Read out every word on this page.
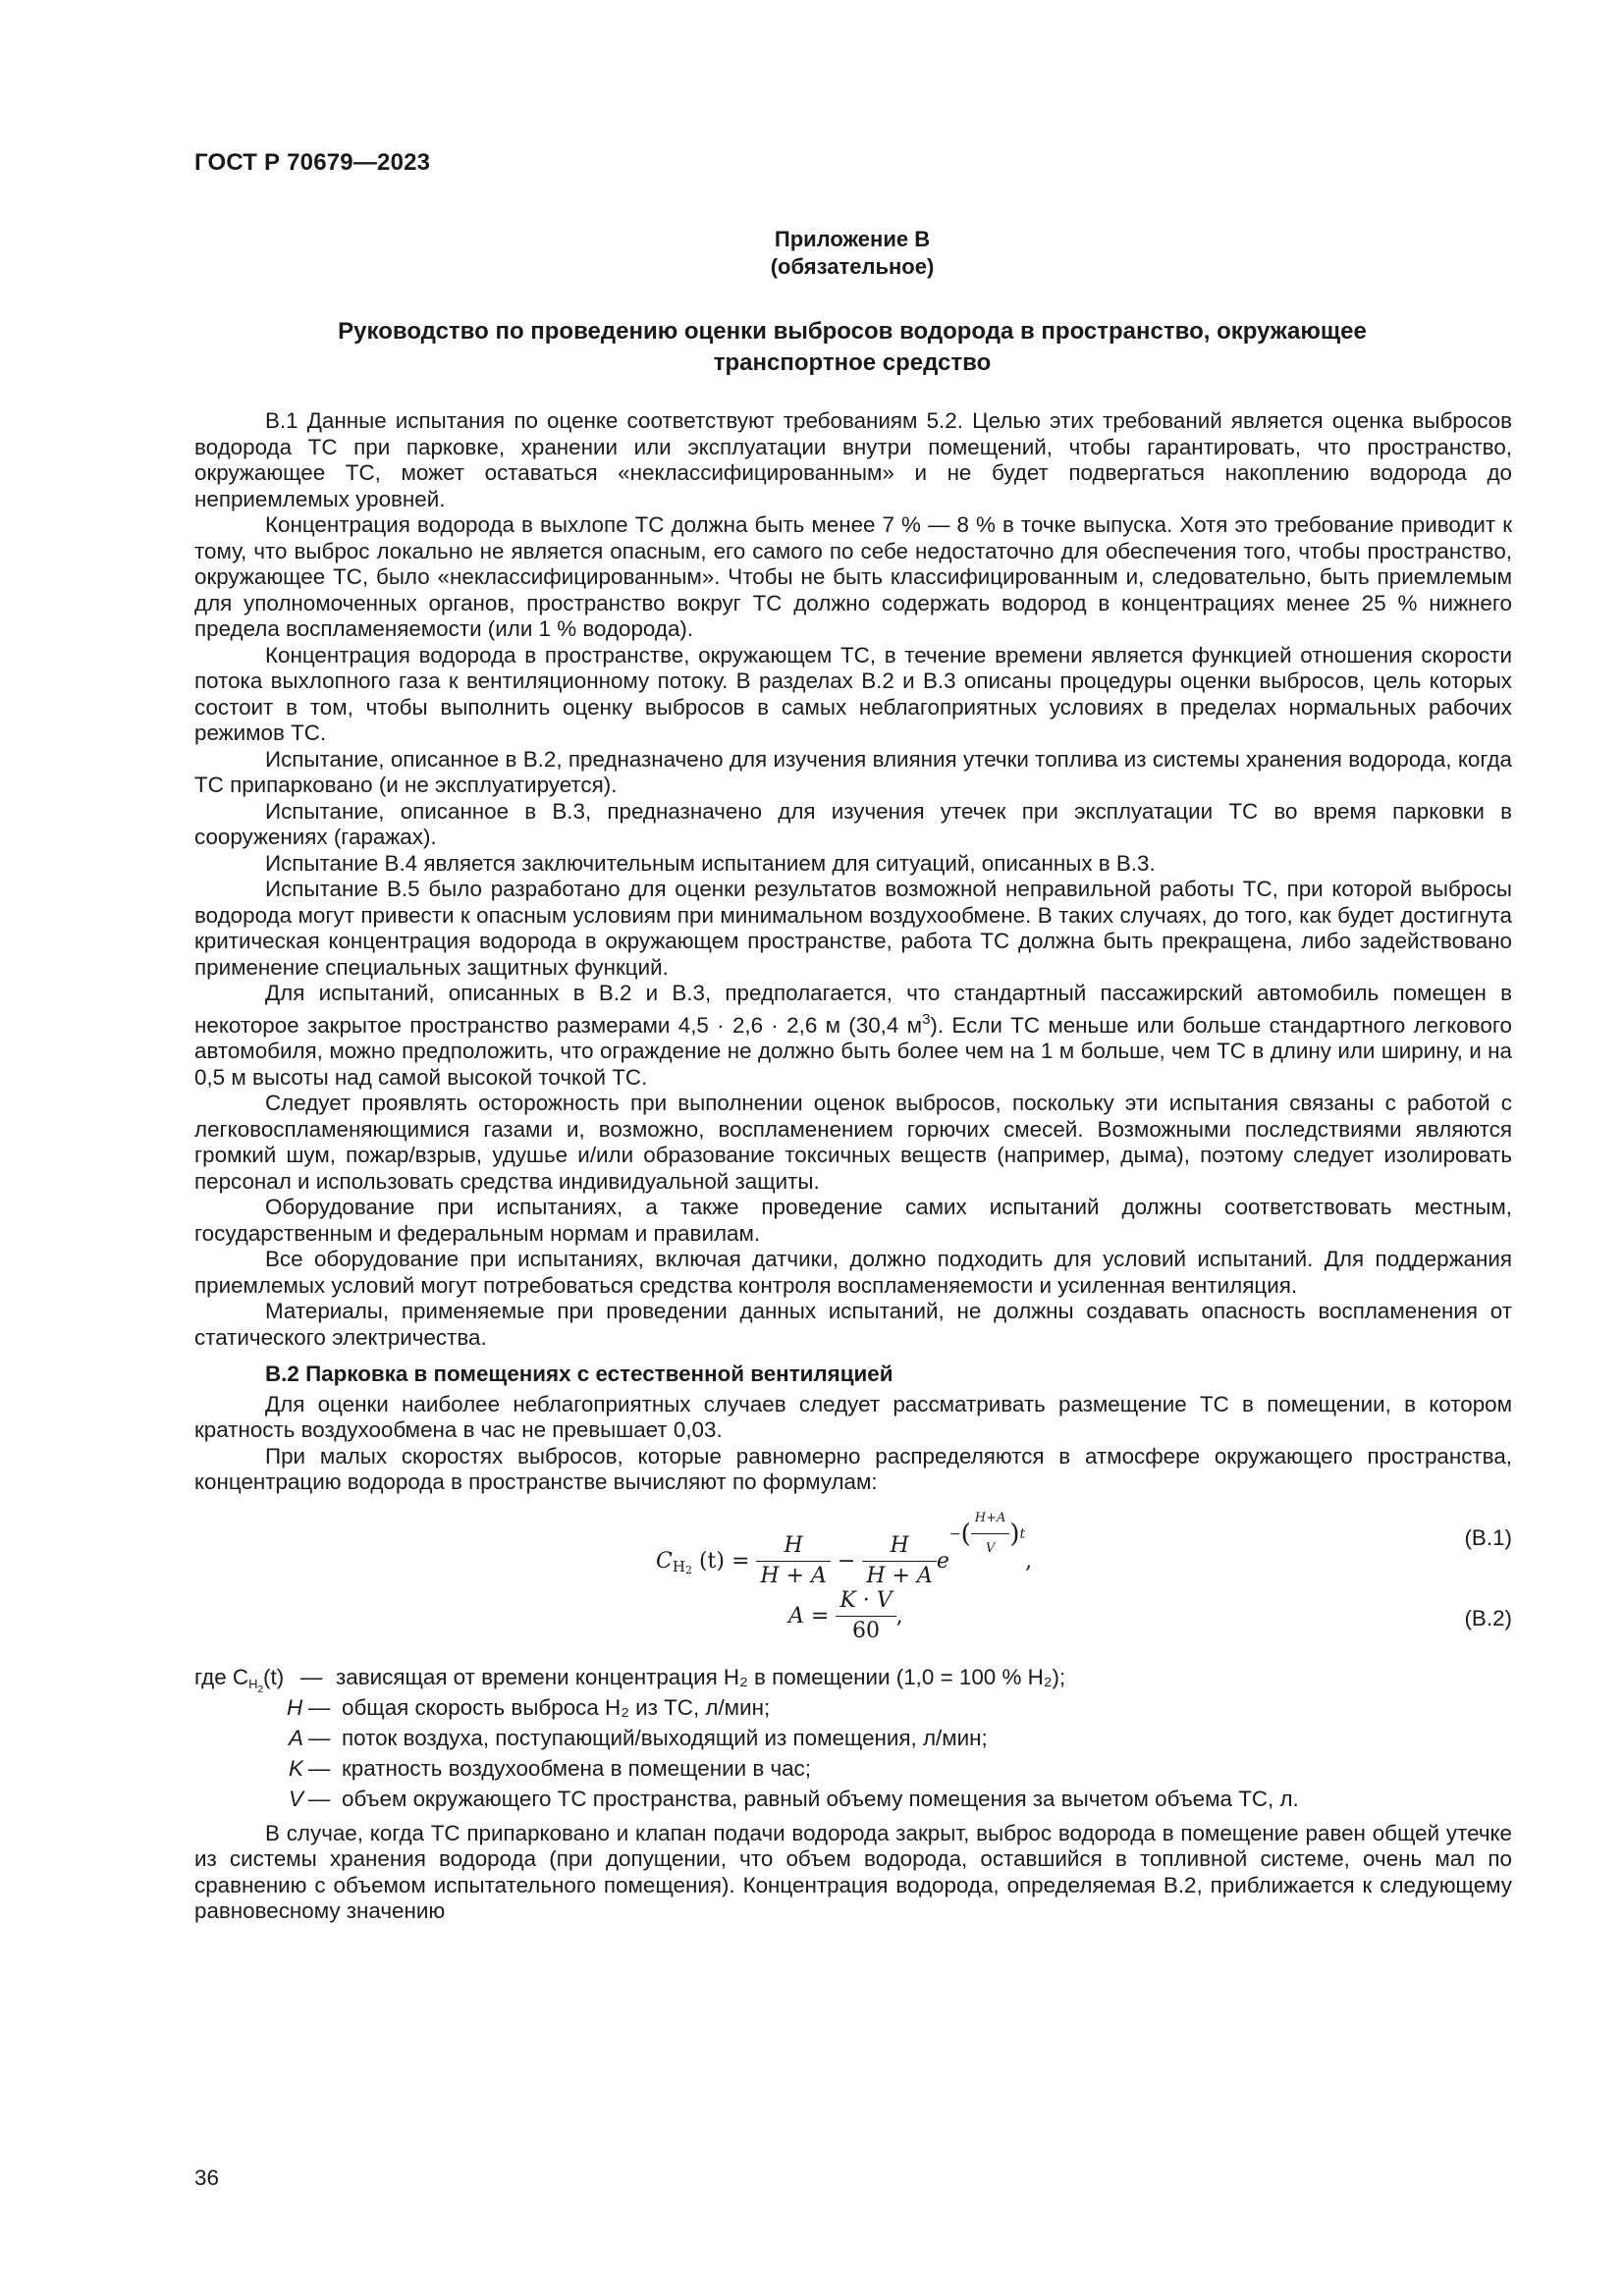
ГОСТ Р 70679—2023
Приложение В
(обязательное)
Руководство по проведению оценки выбросов водорода в пространство, окружающее
транспортное средство

В.1 Данные испытания по оценке соответствуют требованиям 5.2. Целью этих требований является оценка выбросов водорода ТС при парковке, хранении или эксплуатации внутри помещений, чтобы гарантировать, что пространство, окружающее ТС, может оставаться «неклассифицированным» и не будет подвергаться накоплению водорода до неприемлемых уровней.

Концентрация водорода в выхлопе ТС должна быть менее 7 % — 8 % в точке выпуска. Хотя это требование приводит к тому, что выброс локально не является опасным, его самого по себе недостаточно для обеспечения того, чтобы пространство, окружающее ТС, было «неклассифицированным». Чтобы не быть классифицированным и, следовательно, быть приемлемым для уполномоченных органов, пространство вокруг ТС должно содержать водород в концентрациях менее 25 % нижнего предела воспламеняемости (или 1 % водорода).

Концентрация водорода в пространстве, окружающем ТС, в течение времени является функцией отношения скорости потока выхлопного газа к вентиляционному потоку. В разделах В.2 и В.3 описаны процедуры оценки выбросов, цель которых состоит в том, чтобы выполнить оценку выбросов в самых неблагоприятных условиях в пределах нормальных рабочих режимов ТС.

Испытание, описанное в В.2, предназначено для изучения влияния утечки топлива из системы хранения водорода, когда ТС припарковано (и не эксплуатируется).

Испытание, описанное в В.3, предназначено для изучения утечек при эксплуатации ТС во время парковки в сооружениях (гаражах).

Испытание В.4 является заключительным испытанием для ситуаций, описанных в В.3.

Испытание В.5 было разработано для оценки результатов возможной неправильной работы ТС, при которой выбросы водорода могут привести к опасным условиям при минимальном воздухообмене. В таких случаях, до того, как будет достигнута критическая концентрация водорода в окружающем пространстве, работа ТС должна быть прекращена, либо задействовано применение специальных защитных функций.

Для испытаний, описанных в В.2 и В.3, предполагается, что стандартный пассажирский автомобиль помещен в некоторое закрытое пространство размерами 4,5 · 2,6 · 2,6 м (30,4 $м^3$). Если ТС меньше или больше стандартного легкового автомобиля, можно предположить, что ограждение не должно быть более чем на 1 м больше, чем ТС в длину или ширину, и на 0,5 м высоты над самой высокой точкой ТС.

Следует проявлять осторожность при выполнении оценок выбросов, поскольку эти испытания связаны с работой с легковоспламеняющимися газами и, возможно, воспламенением горючих смесей. Возможными последствиями являются громкий шум, пожар/взрыв, удушье и/или образование токсичных веществ (например, дыма), поэтому следует изолировать персонал и использовать средства индивидуальной защиты.

Оборудование при испытаниях, а также проведение самих испытаний должны соответствовать местным, государственным и федеральным нормам и правилам.

Все оборудование при испытаниях, включая датчики, должно подходить для условий испытаний. Для поддержания приемлемых условий могут потребоваться средства контроля воспламеняемости и усиленная вентиляция.

Материалы, применяемые при проведении данных испытаний, не должны создавать опасность воспламенения от статического электричества.

В.2 Парковка в помещениях с естественной вентиляцией

Для оценки наиболее неблагоприятных случаев следует рассматривать размещение ТС в помещении, в котором кратность воздухообмена в час не превышает 0,03.

При малых скоростях выбросов, которые равномерно распределяются в атмосфере окружающего пространства, концентрацию водорода в пространстве вычисляют по формулам:

$C_{H_2}$ $(t) = \frac{H}{H + A} - \frac{H}{H + A} e-( \frac{H+A}{V} )t$,
(В.1)
$A = \frac{K \cdot V}{60}$ ,	(В.2)
где $C_{H_2}(t)$ — зависящая от времени концентрация H₂ в помещении (1,0 = 100 % H₂);
H — общая скорость выброса H₂ из ТС, л/мин;
A — поток воздуха, поступающий/выходящий из помещения, л/мин;
K — кратность воздухообмена в помещении в час;
V — объем окружающего ТС пространства, равный объему помещения за вычетом объема ТС, л.

В случае, когда ТС припарковано и клапан подачи водорода закрыт, выброс водорода в помещение равен общей утечке из системы хранения водорода (при допущении, что объем водорода, оставшийся в топливной системе, очень мал по сравнению с объемом испытательного помещения). Концентрация водорода, определяемая В.2, приближается к следующему равновесному значению

36
